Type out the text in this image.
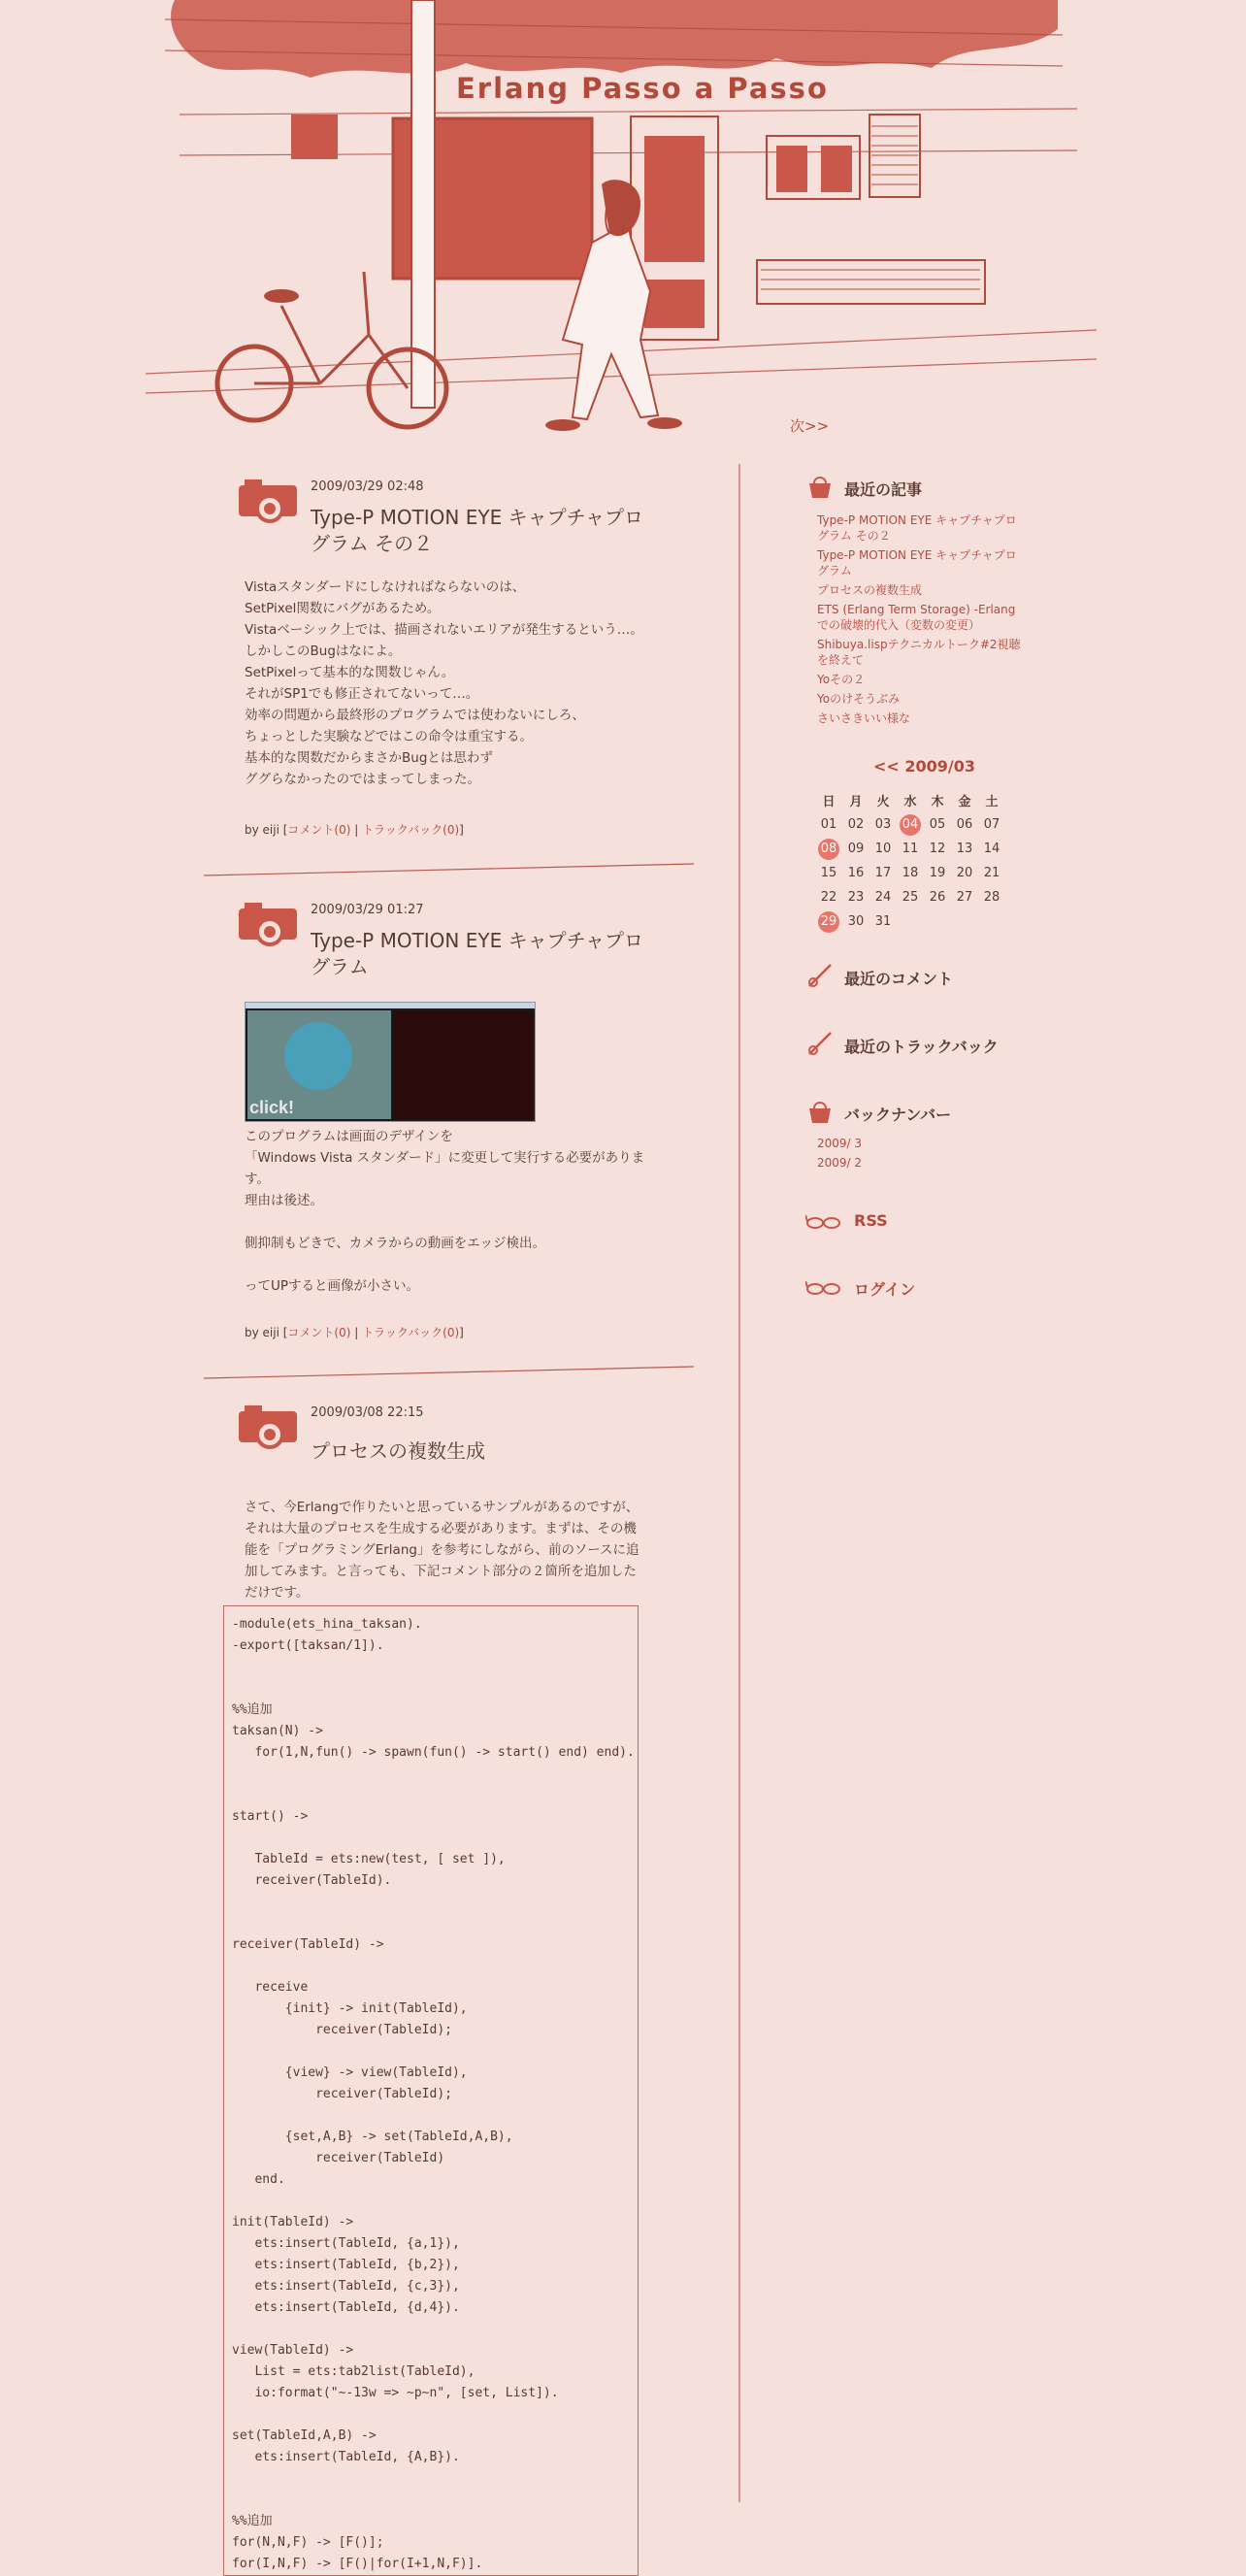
Erlang Passo a Passo
次>>
2009/03/29 02:48
Type-P MOTION EYE キャプチャプログラム その２

Vistaスタンダードにしなければならないのは、

SetPixel関数にバグがあるため。

Vistaベーシック上では、描画されないエリアが発生するという…。

しかしこのBugはなによ。

SetPixelって基本的な関数じゃん。

それがSP1でも修正されてないって…。

効率の問題から最終形のプログラムでは使わないにしろ、

ちょっとした実験などではこの命令は重宝する。

基本的な関数だからまさかBugとは思わず

ググらなかったのではまってしまった。

by eiji [コメント(0) | トラックバック(0)]
2009/03/29 01:27
Type-P MOTION EYE キャプチャプログラム
click!

このプログラムは画面のデザインを

「Windows Vista スタンダード」に変更して実行する必要がありま

す。

理由は後述。

側抑制もどきで、カメラからの動画をエッジ検出。

ってUPすると画像が小さい。

by eiji [コメント(0) | トラックバック(0)]
2009/03/08 22:15
プロセスの複数生成

さて、今Erlangで作りたいと思っているサンプルがあるのですが、

それは大量のプロセスを生成する必要があります。まずは、その機

能を「プログラミングErlang」を参考にしながら、前のソースに追

加してみます。と言っても、下記コメント部分の２箇所を追加した

だけです。

-module(ets_hina_taksan).
-export([taksan/1]).

%%追加
taksan(N) ->
for(1,N,fun() -> spawn(fun() -> start() end) end).

start() ->

TableId = ets:new(test, [ set ]),
receiver(TableId).

receiver(TableId) ->

receive
{init} -> init(TableId),
receiver(TableId);

{view} -> view(TableId),
receiver(TableId);

{set,A,B} -> set(TableId,A,B),
receiver(TableId)
end.

init(TableId) ->
ets:insert(TableId, {a,1}),
ets:insert(TableId, {b,2}),
ets:insert(TableId, {c,3}),
ets:insert(TableId, {d,4}).

view(TableId) ->
List = ets:tab2list(TableId),
io:format("~-13w => ~p~n", [set, List]).

set(TableId,A,B) ->
ets:insert(TableId, {A,B}).

%%追加
for(N,N,F) -> [F()];
for(I,N,F) -> [F()|for(I+1,N,F)].
最近の記事
Type-P MOTION EYE キャプチャプログラム その２
Type-P MOTION EYE キャプチャプログラム
プロセスの複数生成
ETS (Erlang Term Storage) -Erlangでの破壊的代入（変数の変更）
Shibuya.lispテクニカルトーク#2視聴を終えて
Yoその２
Yoのけそうぶみ
さいさきいい様な
<< 2009/03
日	月	火	水	木	金	土
01	02	03	04	05	06	07
08	09	10	11	12	13	14
15	16	17	18	19	20	21
22	23	24	25	26	27	28
29	30	31				
最近のコメント
最近のトラックバック
バックナンバー
2009/ 3
2009/ 2
RSS
ログイン
